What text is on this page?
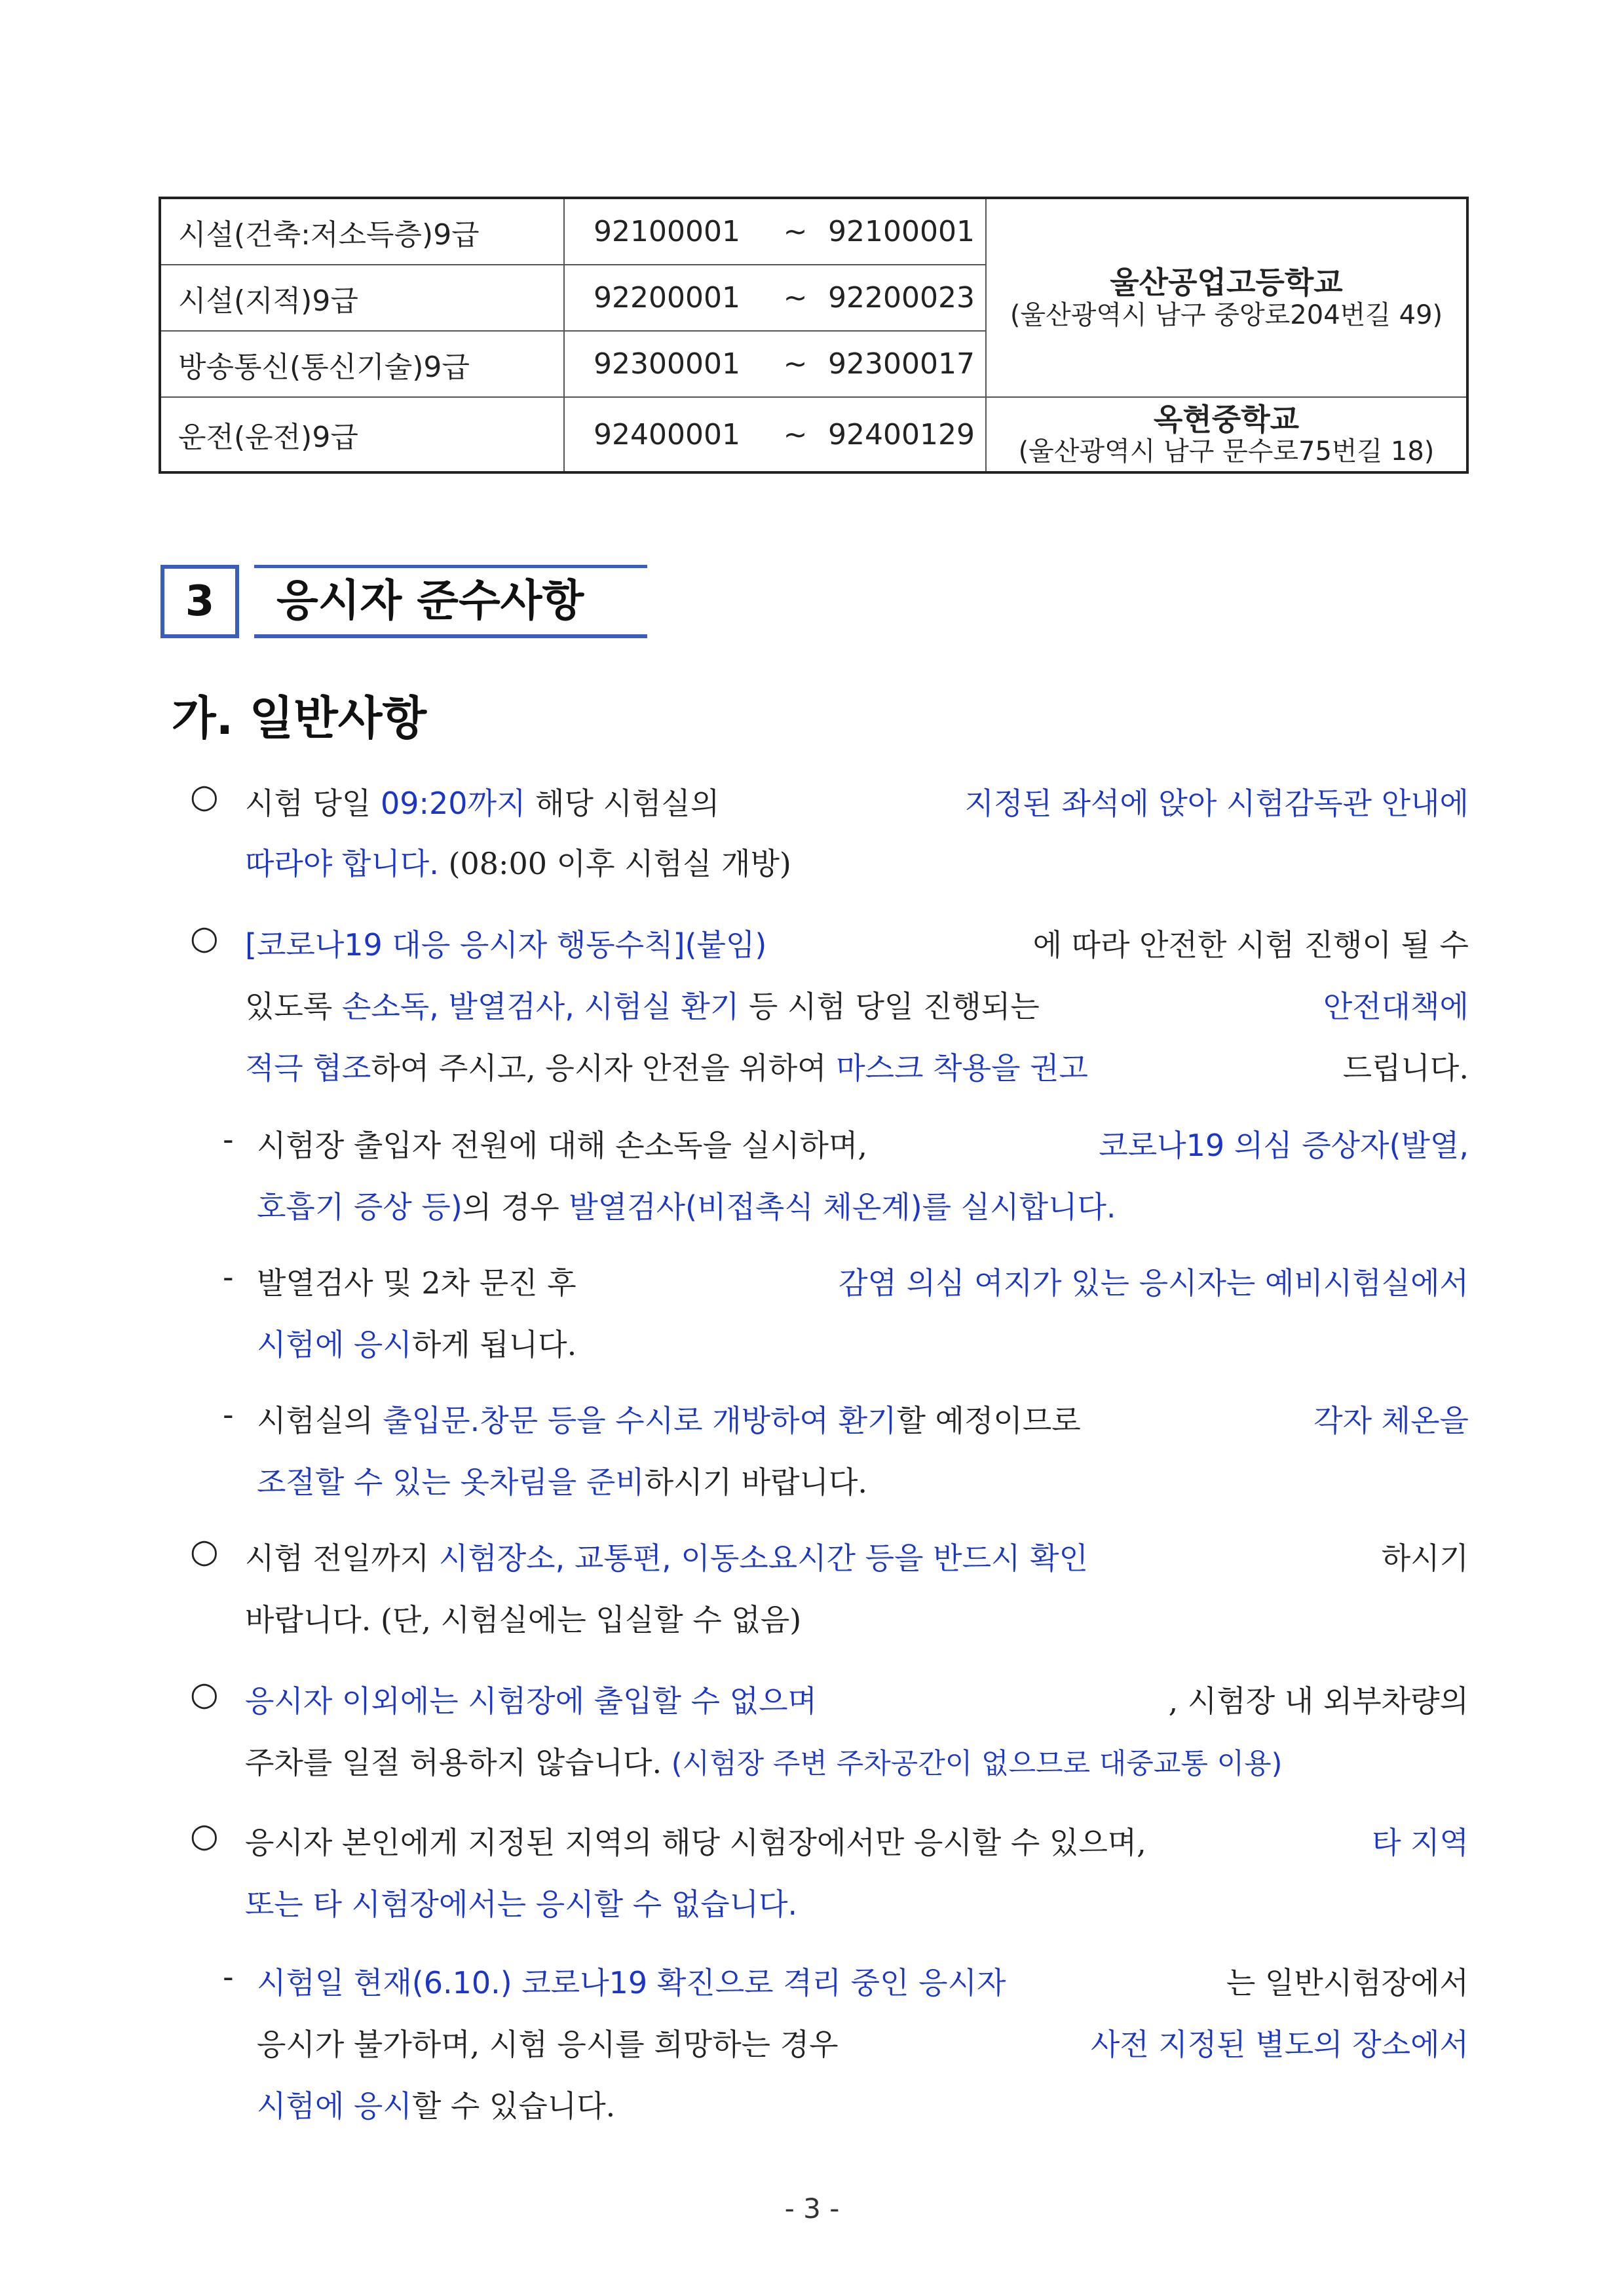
시설(건축:저소득층)9급	92100001 ~ 92100001	울산공업고등학교
(울산광역시 남구 중앙로204번길 49)

시설(지적)9급	92200001 ~ 92200023	

방송통신(통신기술)9급	92300001 ~ 92300017	

운전(운전)9급	92400001 ~ 92400129	옥현중학교
(울산광역시 남구 문수로75번길 18)
3	응시자 준수사항
가. 일반사항
○ 시험 당일 09:20까지 해당 시험실의	지정된 좌석에 앉아 시험감독관 안내에
따라야 합니다. (08:00 이후 시험실 개방)
○ [코로나19 대응 응시자 행동수칙](붙임)	에 따라 안전한 시험 진행이 될 수
있도록 손소독, 발열검사, 시험실 환기 등 시험 당일 진행되는	안전대책에
적극 협조하여 주시고, 응시자 안전을 위하여 마스크 착용을 권고	드립니다.
- 시험장 출입자 전원에 대해 손소독을 실시하며,	코로나19 의심 증상자(발열,
호흡기 증상 등)의 경우 발열검사(비접촉식 체온계)를 실시합니다.
- 발열검사 및 2차 문진 후	감염 의심 여지가 있는 응시자는 예비시험실에서
시험에 응시하게 됩니다.
- 시험실의 출입문.창문 등을 수시로 개방하여 환기할 예정이므로	각자 체온을
조절할 수 있는 옷차림을 준비하시기 바랍니다.
○ 시험 전일까지 시험장소, 교통편, 이동소요시간 등을 반드시 확인	하시기
바랍니다. (단, 시험실에는 입실할 수 없음)
○ 응시자 이외에는 시험장에 출입할 수 없으며	, 시험장 내 외부차량의
주차를 일절 허용하지 않습니다. (시험장 주변 주차공간이 없으므로 대중교통 이용)
○ 응시자 본인에게 지정된 지역의 해당 시험장에서만 응시할 수 있으며,	타 지역
또는 타 시험장에서는 응시할 수 없습니다.
- 시험일 현재(6.10.) 코로나19 확진으로 격리 중인 응시자	는 일반시험장에서
응시가 불가하며, 시험 응시를 희망하는 경우	사전 지정된 별도의 장소에서
시험에 응시할 수 있습니다.
- 3 -
